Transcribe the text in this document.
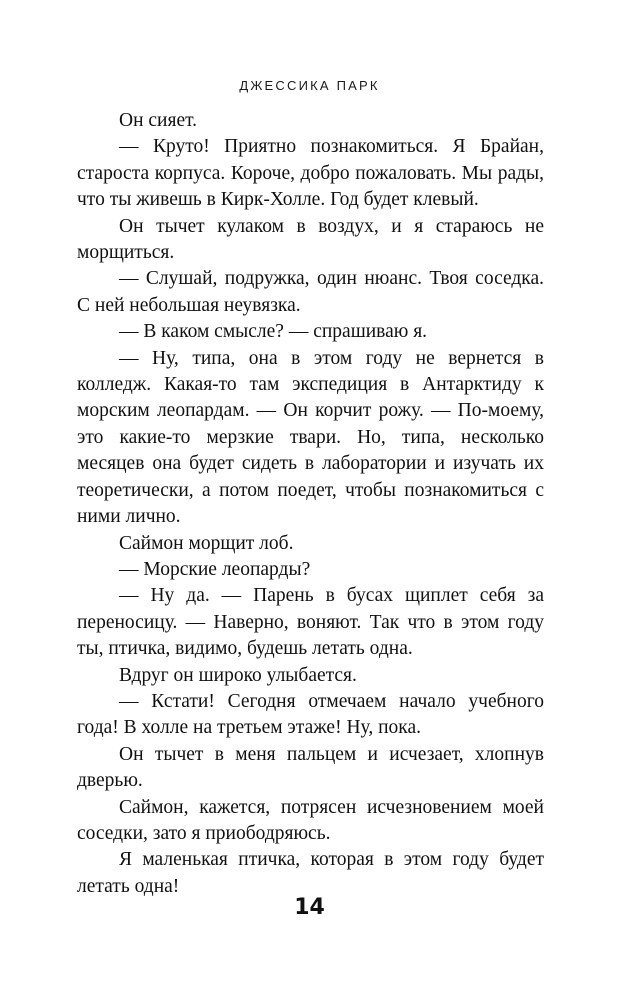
ДЖЕССИКА ПАРК

Он сияет.

— Круто! Приятно познакомиться. Я Брайан, староста корпуса. Короче, добро пожаловать. Мы рады, что ты живешь в Кирк-Холле. Год будет клевый.

Он тычет кулаком в воздух, и я стараюсь не морщиться.

— Слушай, подружка, один нюанс. Твоя соседка. С ней небольшая неувязка.

— В каком смысле? — спрашиваю я.

— Ну, типа, она в этом году не вернется в колледж. Какая-то там экспедиция в Антарктиду к морским леопардам. — Он корчит рожу. — По-моему, это какие-то мерзкие твари. Но, типа, несколько месяцев она будет сидеть в лаборатории и изучать их теоретически, а потом поедет, чтобы познакомиться с ними лично.

Саймон морщит лоб.

— Морские леопарды?

— Ну да. — Парень в бусах щиплет себя за переносицу. — Наверно, воняют. Так что в этом году ты, птичка, видимо, будешь летать одна.

Вдруг он широко улыбается.

— Кстати! Сегодня отмечаем начало учебного года! В холле на третьем этаже! Ну, пока.

Он тычет в меня пальцем и исчезает, хлопнув дверью.

Саймон, кажется, потрясен исчезновением моей соседки, зато я приободряюсь.

Я маленькая птичка, которая в этом году будет летать одна!

14
